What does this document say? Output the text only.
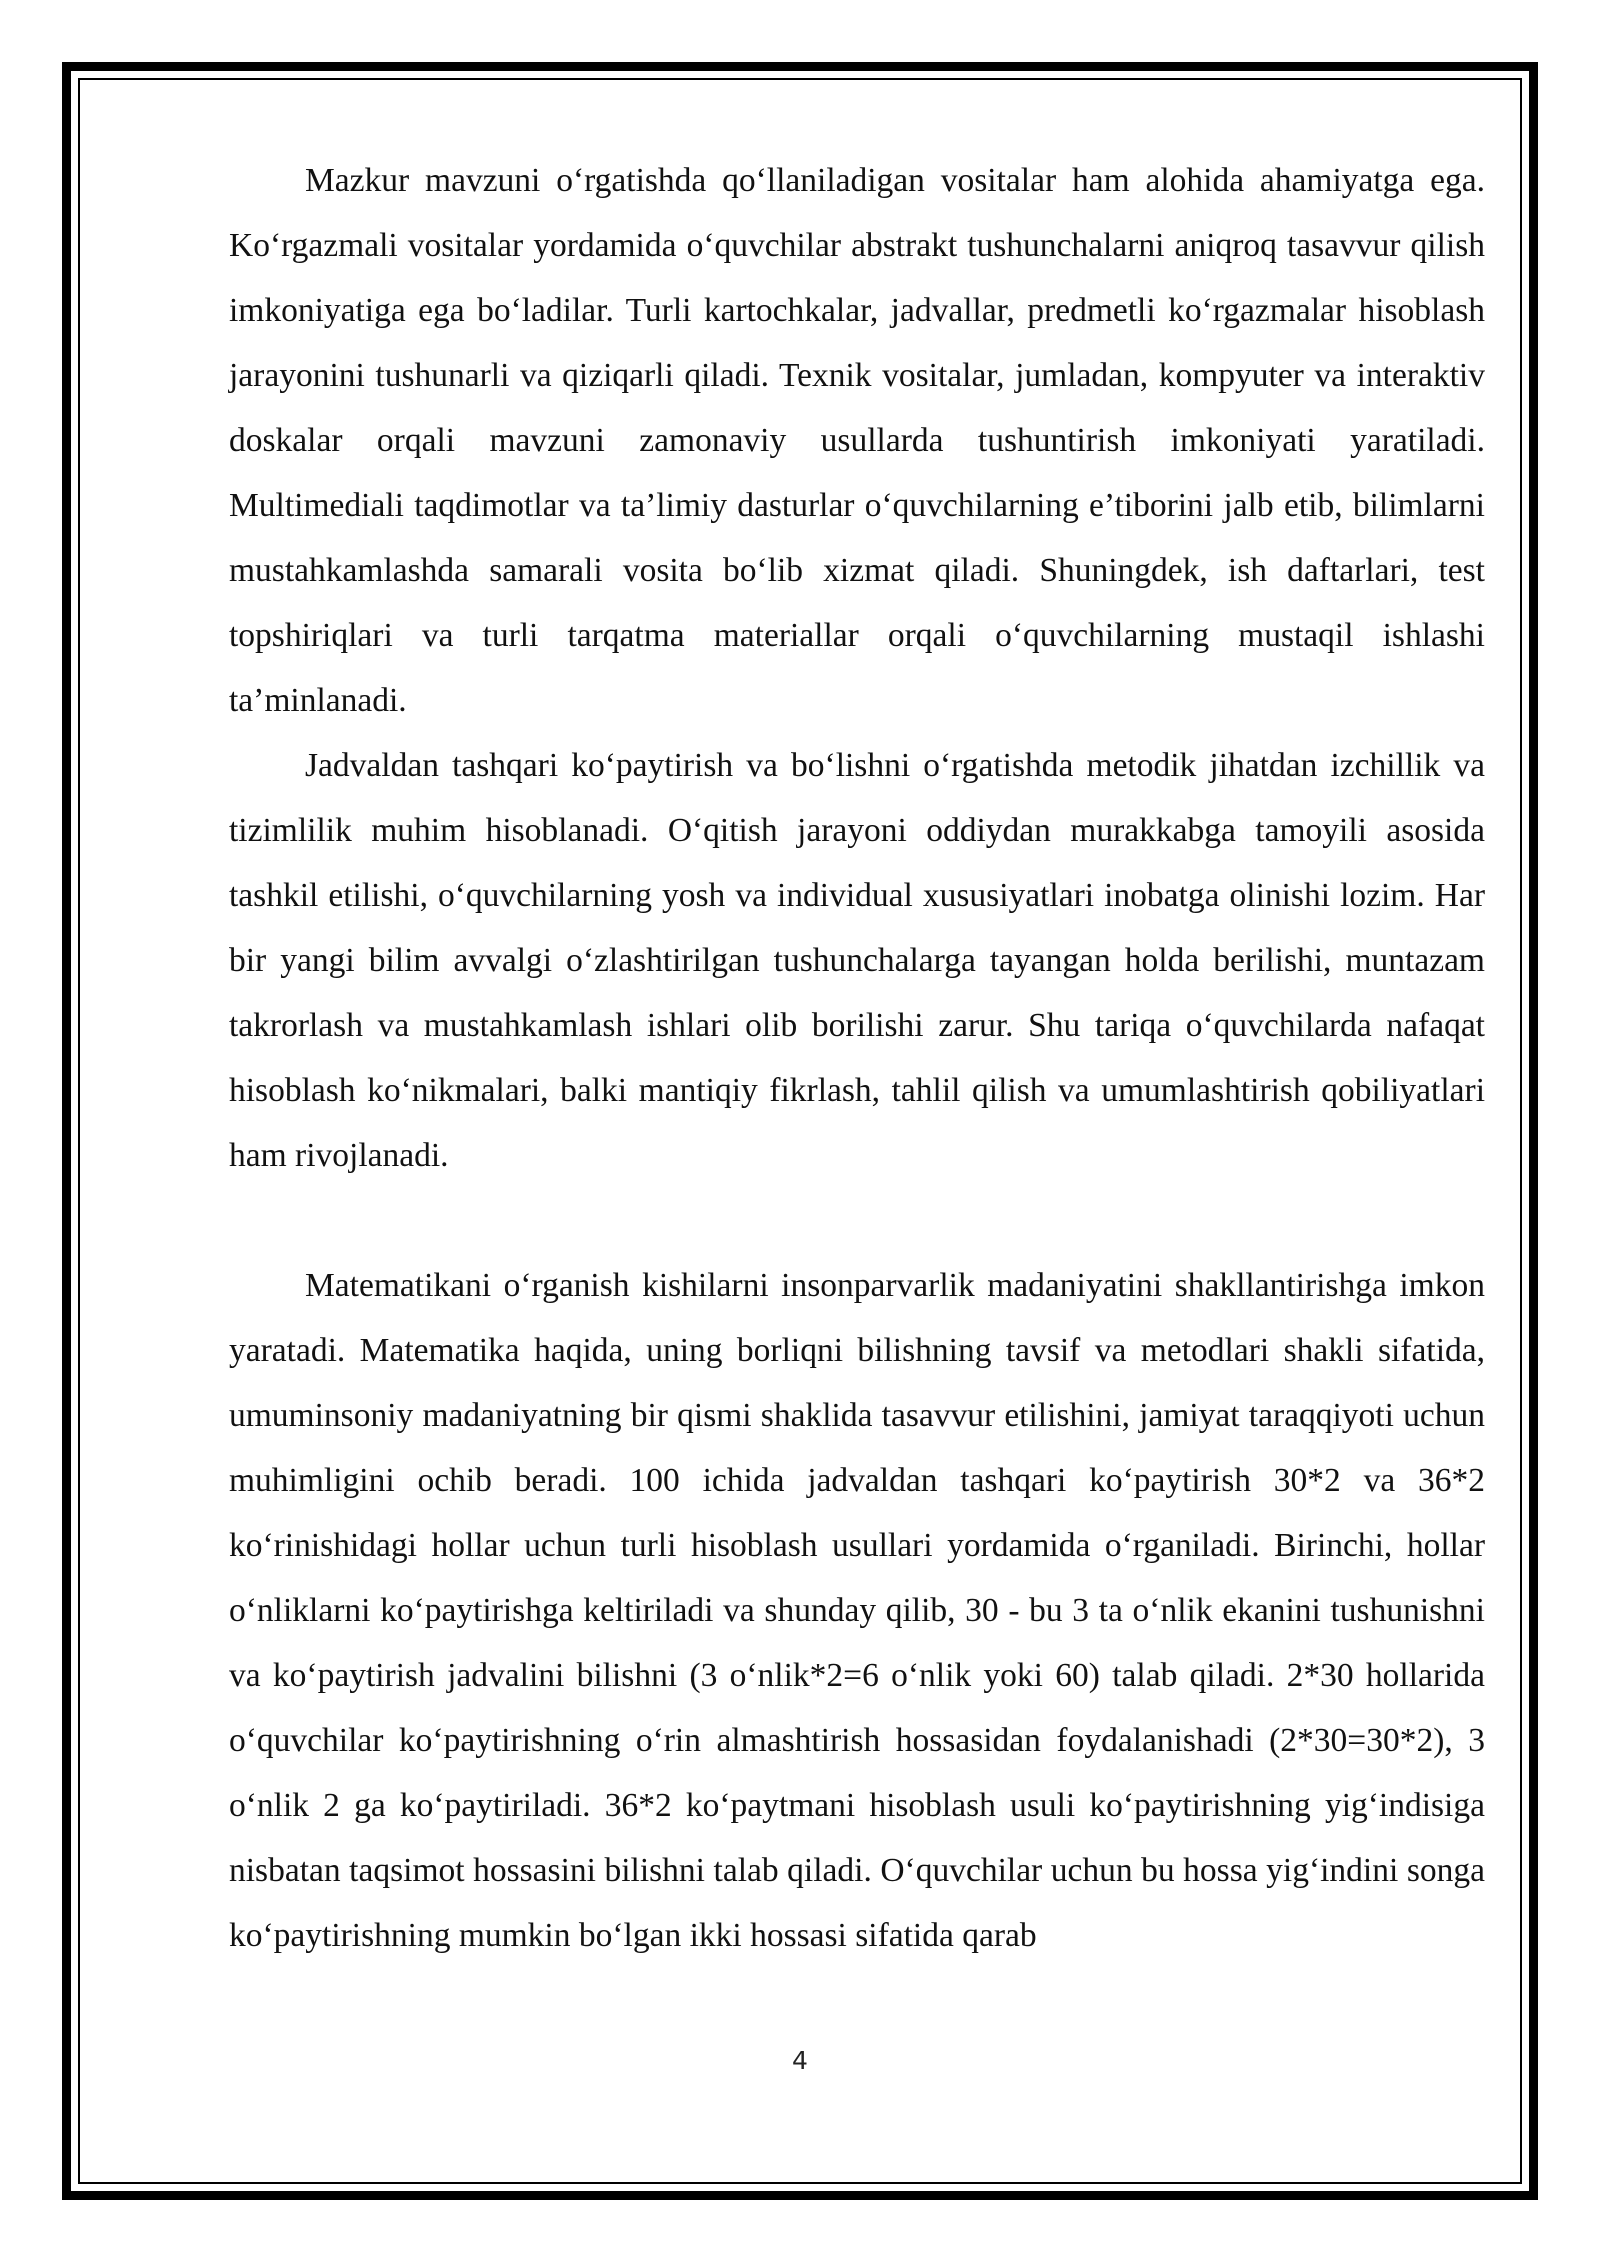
Mazkur mavzuni o‘rgatishda qo‘llaniladigan vositalar ham alohida ahamiyatga ega. Ko‘rgazmali vositalar yordamida o‘quvchilar abstrakt tushunchalarni aniqroq tasavvur qilish imkoniyatiga ega bo‘ladilar. Turli kartochkalar, jadvallar, predmetli ko‘rgazmalar hisoblash jarayonini tushunarli va qiziqarli qiladi. Texnik vositalar, jumladan, kompyuter va interaktiv doskalar orqali mavzuni zamonaviy usullarda tushuntirish imkoniyati yaratiladi. Multimediali taqdimotlar va ta’limiy dasturlar o‘quvchilarning e’tiborini jalb etib, bilimlarni mustahkamlashda samarali vosita bo‘lib xizmat qiladi. Shuningdek, ish daftarlari, test topshiriqlari va turli tarqatma materiallar orqali o‘quvchilarning mustaqil ishlashi ta’minlanadi.

Jadvaldan tashqari ko‘paytirish va bo‘lishni o‘rgatishda metodik jihatdan izchillik va tizimlilik muhim hisoblanadi. O‘qitish jarayoni oddiydan murakkabga tamoyili asosida tashkil etilishi, o‘quvchilarning yosh va individual xususiyatlari inobatga olinishi lozim. Har bir yangi bilim avvalgi o‘zlashtirilgan tushunchalarga tayangan holda berilishi, muntazam takrorlash va mustahkamlash ishlari olib borilishi zarur. Shu tariqa o‘quvchilarda nafaqat hisoblash ko‘nikmalari, balki mantiqiy fikrlash, tahlil qilish va umumlashtirish qobiliyatlari ham rivojlanadi.

Matematikani o‘rganish kishilarni insonparvarlik madaniyatini shakllantirishga imkon yaratadi. Matematika haqida, uning borliqni bilishning tavsif va metodlari shakli sifatida, umuminsoniy madaniyatning bir qismi shaklida tasavvur etilishini, jamiyat taraqqiyoti uchun muhimligini ochib beradi. 100 ichida jadvaldan tashqari ko‘paytirish 30*2 va 36*2 ko‘rinishidagi hollar uchun turli hisoblash usullari yordamida o‘rganiladi. Birinchi, hollar o‘nliklarni ko‘paytirishga keltiriladi va shunday qilib, 30 - bu 3 ta o‘nlik ekanini tushunishni va ko‘paytirish jadvalini bilishni (3 o‘nlik*2=6 o‘nlik yoki 60) talab qiladi. 2*30 hollarida o‘quvchilar ko‘paytirishning o‘rin almashtirish hossasidan foydalanishadi (2*30=30*2), 3 o‘nlik 2 ga ko‘paytiriladi. 36*2 ko‘paytmani hisoblash usuli ko‘paytirishning yig‘indisiga nisbatan taqsimot hossasini bilishni talab qiladi. O‘quvchilar uchun bu hossa yig‘indini songa ko‘paytirishning mumkin bo‘lgan ikki hossasi sifatida qarab

4
